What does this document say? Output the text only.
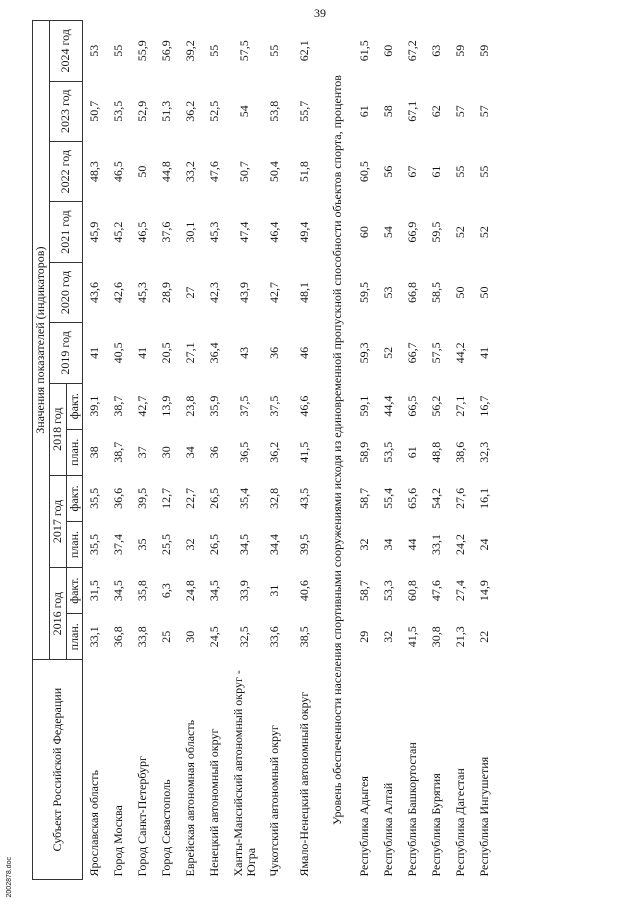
39
Субъект Российской Федерации	Значения показателей (индикаторов)											
	2016 год		2017 год		2018 год		2019 год	2020 год	2021 год	2022 год	2023 год	2024 год
	план.	факт.	план.	факт.	план.	факт.						
Ярославская область	33,1	31,5	35,5	35,5	38	39,1	41	43,6	45,9	48,3	50,7	53
Город Москва	36,8	34,5	37,4	36,6	38,7	38,7	40,5	42,6	45,2	46,5	53,5	55
Город Санкт-Петербург	33,8	35,8	35	39,5	37	42,7	41	45,3	46,5	50	52,9	55,9
Город Севастополь	25	6,3	25,5	12,7	30	13,9	20,5	28,9	37,6	44,8	51,3	56,9
Еврейская автономная область	30	24,8	32	22,7	34	23,8	27,1	27	30,1	33,2	36,2	39,2
Ненецкий автономный округ	24,5	34,5	26,5	26,5	36	35,9	36,4	42,3	45,3	47,6	52,5	55
Ханты-Мансийский автономный округ - Югра	32,5	33,9	34,5	35,4	36,5	37,5	43	43,9	47,4	50,7	54	57,5
Чукотский автономный округ	33,6	31	34,4	32,8	36,2	37,5	36	42,7	46,4	50,4	53,8	55
Ямало-Ненецкий автономный округ	38,5	40,6	39,5	43,5	41,5	46,6	46	48,1	49,4	51,8	55,7	62,1
Уровень обеспеченности населения спортивными сооружениями исходя из единовременной пропускной способности объектов спорта, процентов												
Республика Адыгея	29	58,7	32	58,7	58,9	59,1	59,3	59,5	60	60,5	61	61,5
Республика Алтай	32	53,3	34	55,4	53,5	44,4	52	53	54	56	58	60
Республика Башкортостан	41,5	60,8	44	65,6	61	66,5	66,7	66,8	66,9	67	67,1	67,2
Республика Бурятия	30,8	47,6	33,1	54,2	48,8	56,2	57,5	58,5	59,5	61	62	63
Республика Дагестан	21,3	27,4	24,2	27,6	38,6	27,1	44,2	50	52	55	57	59
Республика Ингушетия	22	14,9	24	16,1	32,3	16,7	41	50	52	55	57	59
2002878.doc
